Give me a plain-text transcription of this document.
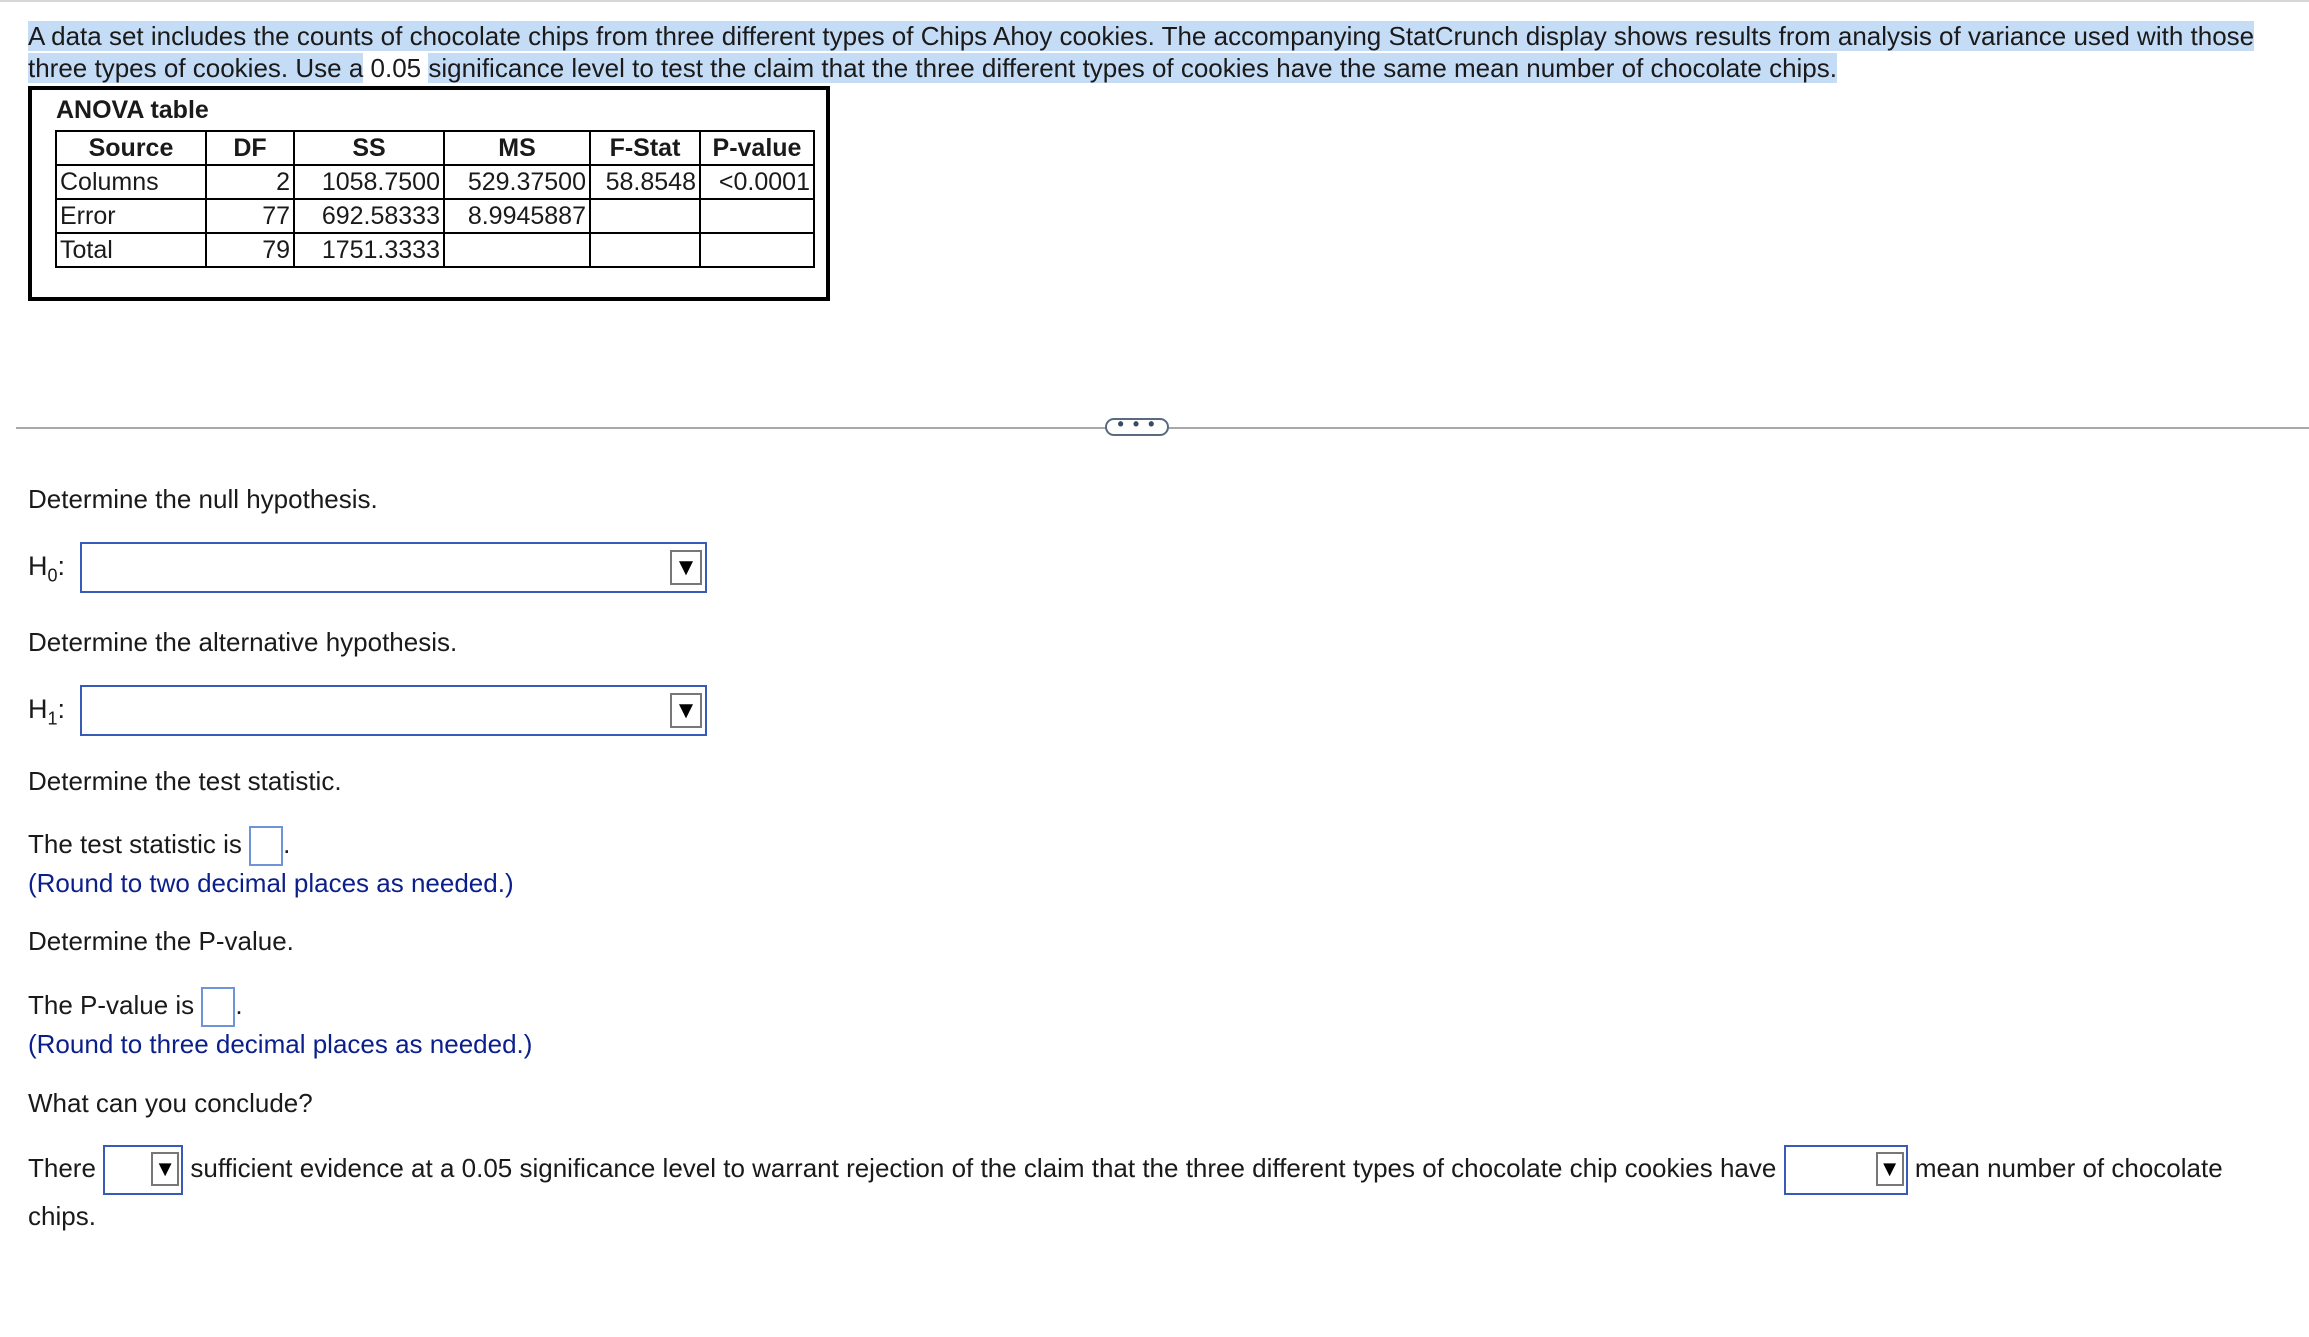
A data set includes the counts of chocolate chips from three different types of Chips Ahoy cookies. The accompanying StatCrunch display shows results from analysis of variance used with those three types of cookies. Use a 0.05 significance level to test the claim that the three different types of cookies have the same mean number of chocolate chips.

ANOVA table
Source	DF	SS	MS	F-Stat	P-value
Columns	2	1058.7500	529.37500	58.8548	<0.0001
Error	77	692.58333	8.9945887		
Total	79	1751.3333			
• • •
Determine the null hypothesis.
$H_0$:	▼
Determine the alternative hypothesis.
$H_1$:	▼
Determine the test statistic.
The test statistic is .
(Round to two decimal places as needed.)
Determine the P-value.
The P-value is .
(Round to three decimal places as needed.)
What can you conclude?
There	▼ sufficient evidence at a 0.05 significance level to warrant rejection of the claim that the three different types of chocolate chip cookies have	▼ mean number of chocolate chips.
